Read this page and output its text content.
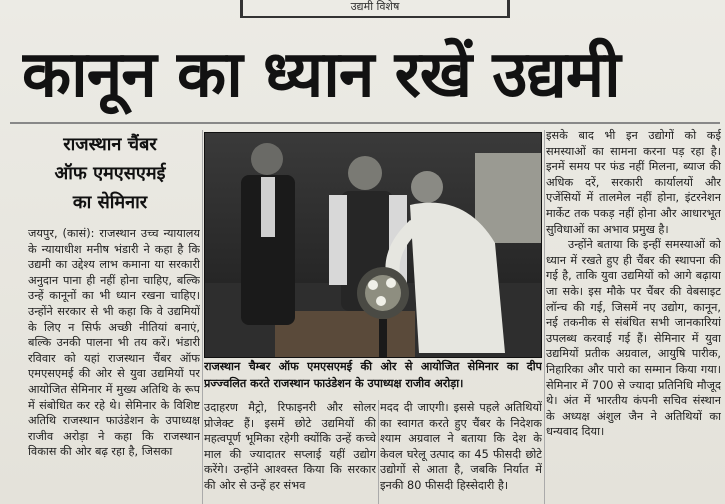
उद्यमी विशेष
कानून का ध्यान रखें उद्यमी
राजस्थान चैंबर
ऑफ एमएसएमई
का सेमिनार

जयपुर, (कासं): राजस्थान उच्च न्यायालय के न्यायाधीश मनीष भंडारी ने कहा है कि उद्यमी का उद्देश्य लाभ कमाना या सरकारी अनुदान पाना ही नहीं होना चाहिए, बल्कि उन्हें कानूनों का भी ध्यान रखना चाहिए। उन्होंने सरकार से भी कहा कि वे उद्यमियों के लिए न सिर्फ अच्छी नीतियां बनाएं, बल्कि उनकी पालना भी तय करें। भंडारी रविवार को यहां राजस्थान चैंबर ऑफ एमएसएमई की ओर से युवा उद्यमियों पर आयोजित सेमिनार में मुख्य अतिथि के रूप में संबोधित कर रहे थे। सेमिनार के विशिष्ट अतिथि राजस्थान फाउंडेशन के उपाध्यक्ष राजीव अरोड़ा ने कहा कि राजस्थान विकास की ओर बढ़ रहा है, जिसका

राजस्थान चैम्बर ऑफ एमएसएमई की ओर से आयोजित सेमिनार का दीप प्रज्ज्वलित करते राजस्थान फाउंडेशन के उपाध्यक्ष राजीव अरोड़ा।

उदाहरण मैट्रो, रिफाइनरी और सोलर प्रोजेक्ट हैं। इसमें छोटे उद्यमियों की महत्वपूर्ण भूमिका रहेगी क्योंकि उन्हें कच्चे माल की ज्यादातर सप्लाई यहीं उद्योग करेंगे। उन्होंने आश्वस्त किया कि सरकार की ओर से उन्हें हर संभव

मदद दी जाएगी। इससे पहले अतिथियों का स्वागत करते हुए चैंबर के निदेशक श्याम अग्रवाल ने बताया कि देश के केवल घरेलू उत्पाद का 45 फीसदी छोटे उद्योगों से आता है, जबकि निर्यात में इनकी 80 फीसदी हिस्सेदारी है।

इसके बाद भी इन उद्योगों को कई समस्याओं का सामना करना पड़ रहा है। इनमें समय पर फंड नहीं मिलना, ब्याज की अधिक दरें, सरकारी कार्यालयों और एजेंसियों में तालमेल नहीं होना, इंटरनेशन मार्केट तक पकड़ नहीं होना और आधारभूत सुविधाओं का अभाव प्रमुख है।

उन्होंने बताया कि इन्हीं समस्याओं को ध्यान में रखते हुए ही चैंबर की स्थापना की गई है, ताकि युवा उद्यमियों को आगे बढ़ाया जा सके। इस मौके पर चैंबर की वेबसाइट लॉन्च की गई, जिसमें नए उद्योग, कानून, नई तकनीक से संबंधित सभी जानकारियां उपलब्ध करवाई गई हैं। सेमिनार में युवा उद्यमियों प्रतीक अग्रवाल, आयुषि पारीक, निहारिका और पारो का सम्मान किया गया। सेमिनार में 700 से ज्यादा प्रतिनिधि मौजूद थे। अंत में भारतीय कंपनी सचिव संस्थान के अध्यक्ष अंशुल जैन ने अतिथियों का धन्यवाद दिया।
